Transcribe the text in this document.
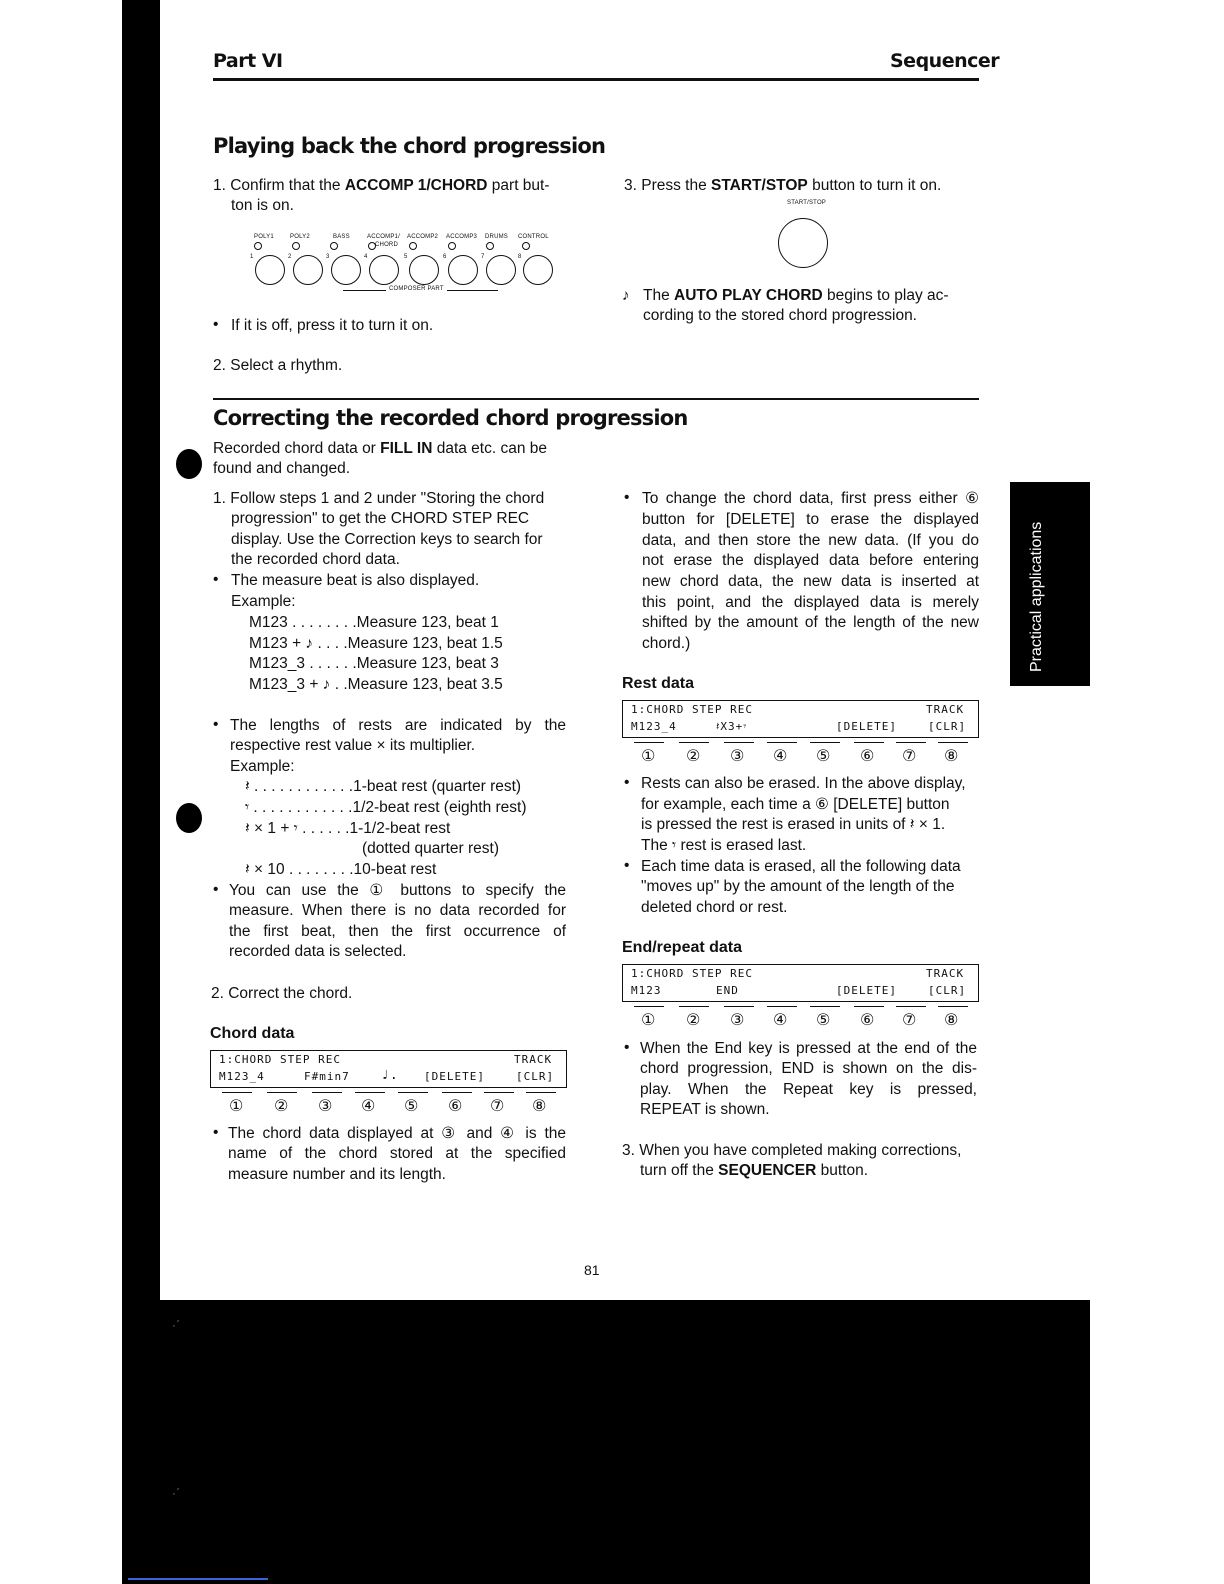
·ˊ
·ˊ
Part VI	Sequencer
Playing back the chord progression
1. Confirm that the ACCOMP 1/CHORD part but-
ton is on.
POLY1	POLY2	BASS	ACCOMP1/ ACCOMP2 ACCOMP3 DRUMS CONTROL
CHORD
1	2	3	4	5	6	7	8
COMPOSER PART
• If it is off, press it to turn it on.
2. Select a rhythm.
3. Press the START/STOP button to turn it on.
START/STOP
♪ The AUTO PLAY CHORD begins to play ac-
cording to the stored chord progression.
Correcting the recorded chord progression
Recorded chord data or FILL IN data etc. can be
found and changed.
1. Follow steps 1 and 2 under "Storing the chord
progression" to get the CHORD STEP REC
display. Use the Correction keys to search for
the recorded chord data.
• The measure beat is also displayed.
Example:
M123 . . . . . . . .Measure 123, beat 1
M123 + ♪ . . . .Measure 123, beat 1.5
M123_3 . . . . . .Measure 123, beat 3
M123_3 + ♪ . .Measure 123, beat 3.5
• The lengths of rests are indicated by the
respective rest value × its multiplier.
Example:
𝄽 . . . . . . . . . . . .1-beat rest (quarter rest)
𝄾 . . . . . . . . . . . .1/2-beat rest (eighth rest)
𝄽 × 1 + 𝄾 . . . . . .1-1/2-beat rest
(dotted quarter rest)
𝄽 × 10 . . . . . . . .10-beat rest
• You can use the ① buttons to specify the
measure. When there is no data recorded for
the first beat, then the first occurrence of
recorded data is selected.
2. Correct the chord.
Chord data
1:CHORD STEP REC	TRACK
M123_4	F#min7 ♩. [DELETE]	[CLR]
① ② ③ ④ ⑤ ⑥ ⑦ ⑧
• The chord data displayed at ③ and ④ is the
name of the chord stored at the specified
measure number and its length.
• To change the chord data, first press either ⑥
button for [DELETE] to erase the displayed
data, and then store the new data. (If you do
not erase the displayed data before entering
new chord data, the new data is inserted at
this point, and the displayed data is merely
shifted by the amount of the length of the new
chord.)
Rest data
1:CHORD STEP REC	TRACK
M123_4	𝄽X3+𝄾	[DELETE]	[CLR]
① ② ③ ④ ⑤ ⑥ ⑦ ⑧
• Rests can also be erased. In the above display,
for example, each time a ⑥ [DELETE] button
is pressed the rest is erased in units of 𝄽 × 1.
The 𝄾 rest is erased last.
• Each time data is erased, all the following data
"moves up" by the amount of the length of the
deleted chord or rest.
End/repeat data
1:CHORD STEP REC	TRACK
M123	END	[DELETE]	[CLR]
① ② ③ ④ ⑤ ⑥ ⑦ ⑧
• When the End key is pressed at the end of the
chord progression, END is shown on the dis-
play. When the Repeat key is pressed,
REPEAT is shown.
3. When you have completed making corrections,
turn off the SEQUENCER button.
Practical applications
81
